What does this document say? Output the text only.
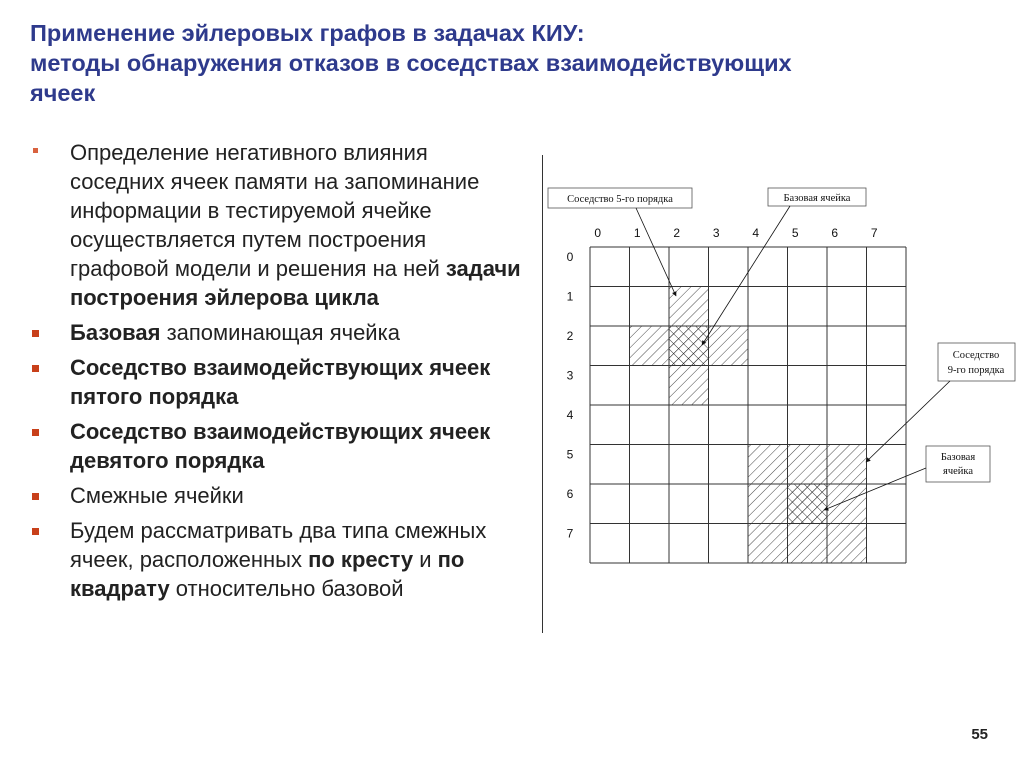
Применение эйлеровых графов в задачах КИУ:
методы обнаружения отказов в соседствах взаимодействующих
ячеек
Определение негативного влияния соседних ячеек памяти на запоминание информации в тестируемой ячейке осуществляется путем построения графовой модели и решения на ней задачи построения эйлерова цикла
Базовая запоминающая ячейка
Соседство взаимодействующих ячеек пятого порядка
Соседство взаимодействующих ячеек девятого порядка
Смежные ячейки
Будем рассматривать два типа смежных ячеек, расположенных по кресту и по квадрату относительно базовой
0	1	2	3	4	5	6	7
0
1
2
3
4
5
6
7
Соседство 5-го порядка	Базовая ячейка
Соседство
9-го порядка
Базовая
ячейка
55
